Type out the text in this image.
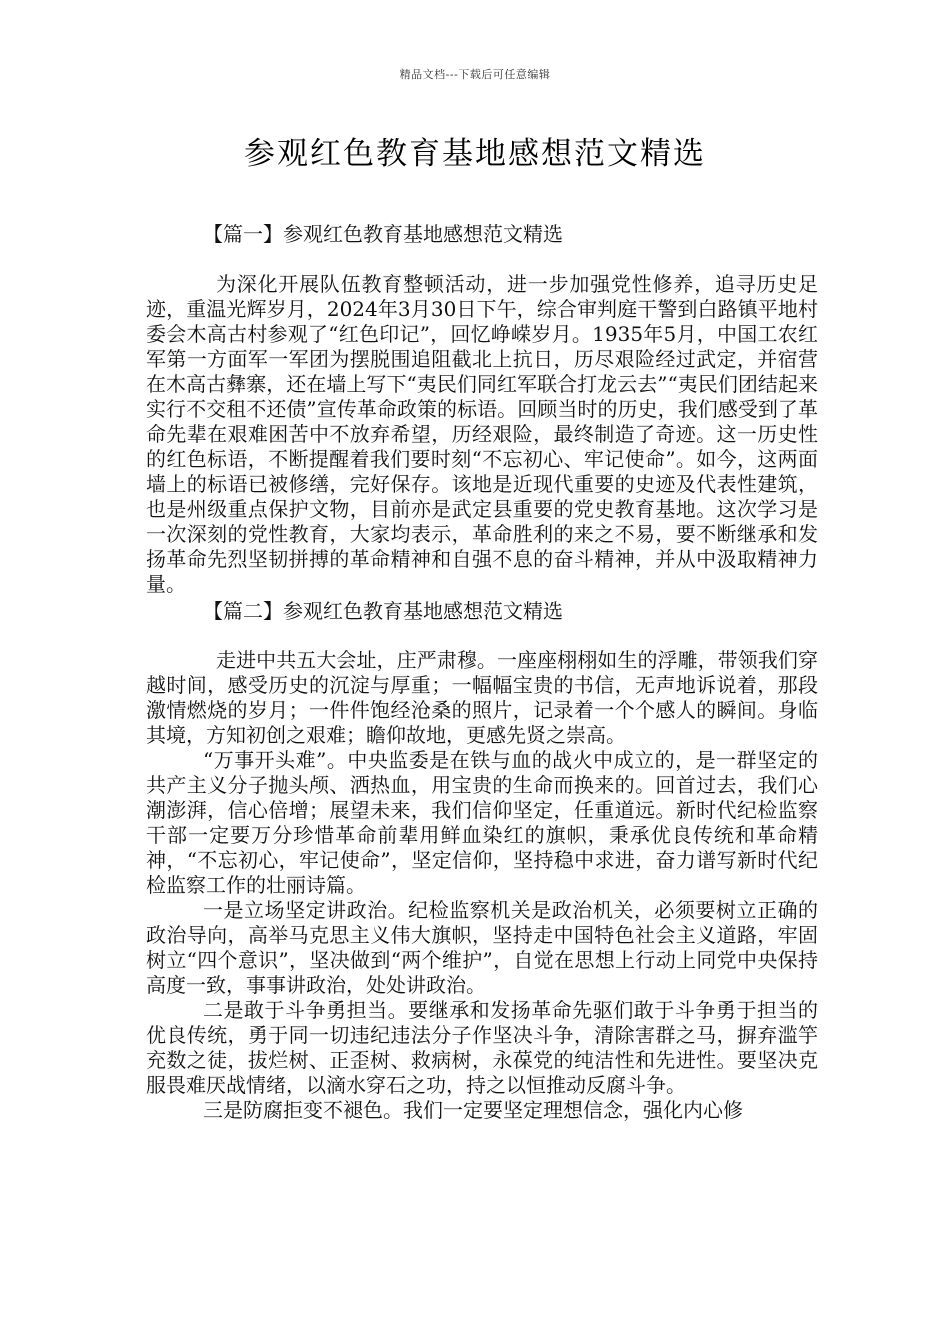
精品文档---下载后可任意编辑
参观红色教育基地感想范文精选
【篇一】参观红色教育基地感想范文精选

为深化开展队伍教育整顿活动，进一步加强党性修养，追寻历史足迹，重温光辉岁月，2024年3月30日下午，综合审判庭干警到白路镇平地村委会木高古村参观了“红色印记”，回忆峥嵘岁月。1935年5月，中国工农红军第一方面军一军团为摆脱围追阻截北上抗日，历尽艰险经过武定，并宿营在木高古彝寨，还在墙上写下“夷民们同红军联合打龙云去”“夷民们团结起来实行不交租不还债”宣传革命政策的标语。回顾当时的历史，我们感受到了革命先辈在艰难困苦中不放弃希望，历经艰险，最终制造了奇迹。这一历史性的红色标语，不断提醒着我们要时刻“不忘初心、牢记使命”。如今，这两面墙上的标语已被修缮，完好保存。该地是近现代重要的史迹及代表性建筑，也是州级重点保护文物，目前亦是武定县重要的党史教育基地。这次学习是一次深刻的党性教育，大家均表示，革命胜利的来之不易，要不断继承和发扬革命先烈坚韧拼搏的革命精神和自强不息的奋斗精神，并从中汲取精神力量。

【篇二】参观红色教育基地感想范文精选

走进中共五大会址，庄严肃穆。一座座栩栩如生的浮雕，带领我们穿越时间，感受历史的沉淀与厚重；一幅幅宝贵的书信，无声地诉说着，那段激情燃烧的岁月；一件件饱经沧桑的照片，记录着一个个感人的瞬间。身临其境，方知初创之艰难；瞻仰故地，更感先贤之崇高。

“万事开头难”。中央监委是在铁与血的战火中成立的，是一群坚定的共产主义分子抛头颅、洒热血，用宝贵的生命而换来的。回首过去，我们心潮澎湃，信心倍增；展望未来，我们信仰坚定，任重道远。新时代纪检监察干部一定要万分珍惜革命前辈用鲜血染红的旗帜，秉承优良传统和革命精神，“不忘初心，牢记使命”，坚定信仰，坚持稳中求进，奋力谱写新时代纪检监察工作的壮丽诗篇。

一是立场坚定讲政治。纪检监察机关是政治机关，必须要树立正确的政治导向，高举马克思主义伟大旗帜，坚持走中国特色社会主义道路，牢固树立“四个意识”，坚决做到“两个维护”，自觉在思想上行动上同党中央保持高度一致，事事讲政治，处处讲政治。

二是敢于斗争勇担当。要继承和发扬革命先驱们敢于斗争勇于担当的优良传统，勇于同一切违纪违法分子作坚决斗争，清除害群之马，摒弃滥竽充数之徒，拔烂树、正歪树、救病树，永葆党的纯洁性和先进性。要坚决克服畏难厌战情绪，以滴水穿石之功，持之以恒推动反腐斗争。

三是防腐拒变不褪色。我们一定要坚定理想信念，强化内心修
